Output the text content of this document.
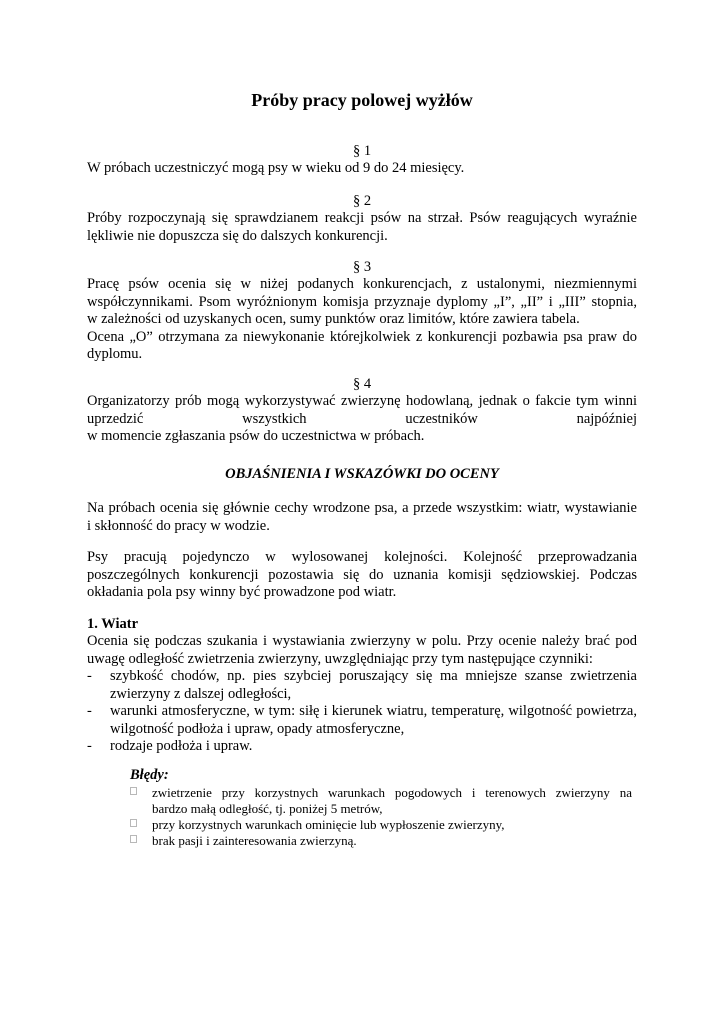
Próby pracy polowej wyżłów
§ 1
W próbach uczestniczyć mogą psy w wieku od 9 do 24 miesięcy.
§ 2
Próby rozpoczynają się sprawdzianem reakcji psów na strzał. Psów reagujących wyraźnie
lękliwie nie dopuszcza się do dalszych konkurencji.
§ 3
Pracę psów ocenia się w niżej podanych konkurencjach, z ustalonymi, niezmiennymi
współczynnikami. Psom wyróżnionym komisja przyznaje dyplomy „I”, „II” i „III” stopnia,
w zależności od uzyskanych ocen, sumy punktów oraz limitów, które zawiera tabela.
Ocena „O” otrzymana za niewykonanie którejkolwiek z konkurencji pozbawia psa praw do
dyplomu.
§ 4
Organizatorzy prób mogą wykorzystywać zwierzynę hodowlaną, jednak o fakcie tym winni
uprzedzić wszystkich uczestników najpóźniej
w momencie zgłaszania psów do uczestnictwa w próbach.
OBJAŚNIENIA I WSKAZÓWKI DO OCENY
Na próbach ocenia się głównie cechy wrodzone psa, a przede wszystkim: wiatr, wystawianie
i skłonność do pracy w wodzie.
Psy pracują pojedynczo w wylosowanej kolejności. Kolejność przeprowadzania
poszczególnych konkurencji pozostawia się do uznania komisji sędziowskiej. Podczas
okładania pola psy winny być prowadzone pod wiatr.
1. Wiatr
Ocenia się podczas szukania i wystawiania zwierzyny w polu. Przy ocenie należy brać pod
uwagę odległość zwietrzenia zwierzyny, uwzględniając przy tym następujące czynniki:
- szybkość chodów, np. pies szybciej poruszający się ma mniejsze szanse zwietrzenia
zwierzyny z dalszej odległości,
- warunki atmosferyczne, w tym: siłę i kierunek wiatru, temperaturę, wilgotność powietrza,
wilgotność podłoża i upraw, opady atmosferyczne,
- rodzaje podłoża i upraw.
Błędy:
zwietrzenie przy korzystnych warunkach pogodowych i terenowych zwierzyny na
bardzo małą odległość, tj. poniżej 5 metrów,
przy korzystnych warunkach ominięcie lub wypłoszenie zwierzyny,
brak pasji i zainteresowania zwierzyną.
